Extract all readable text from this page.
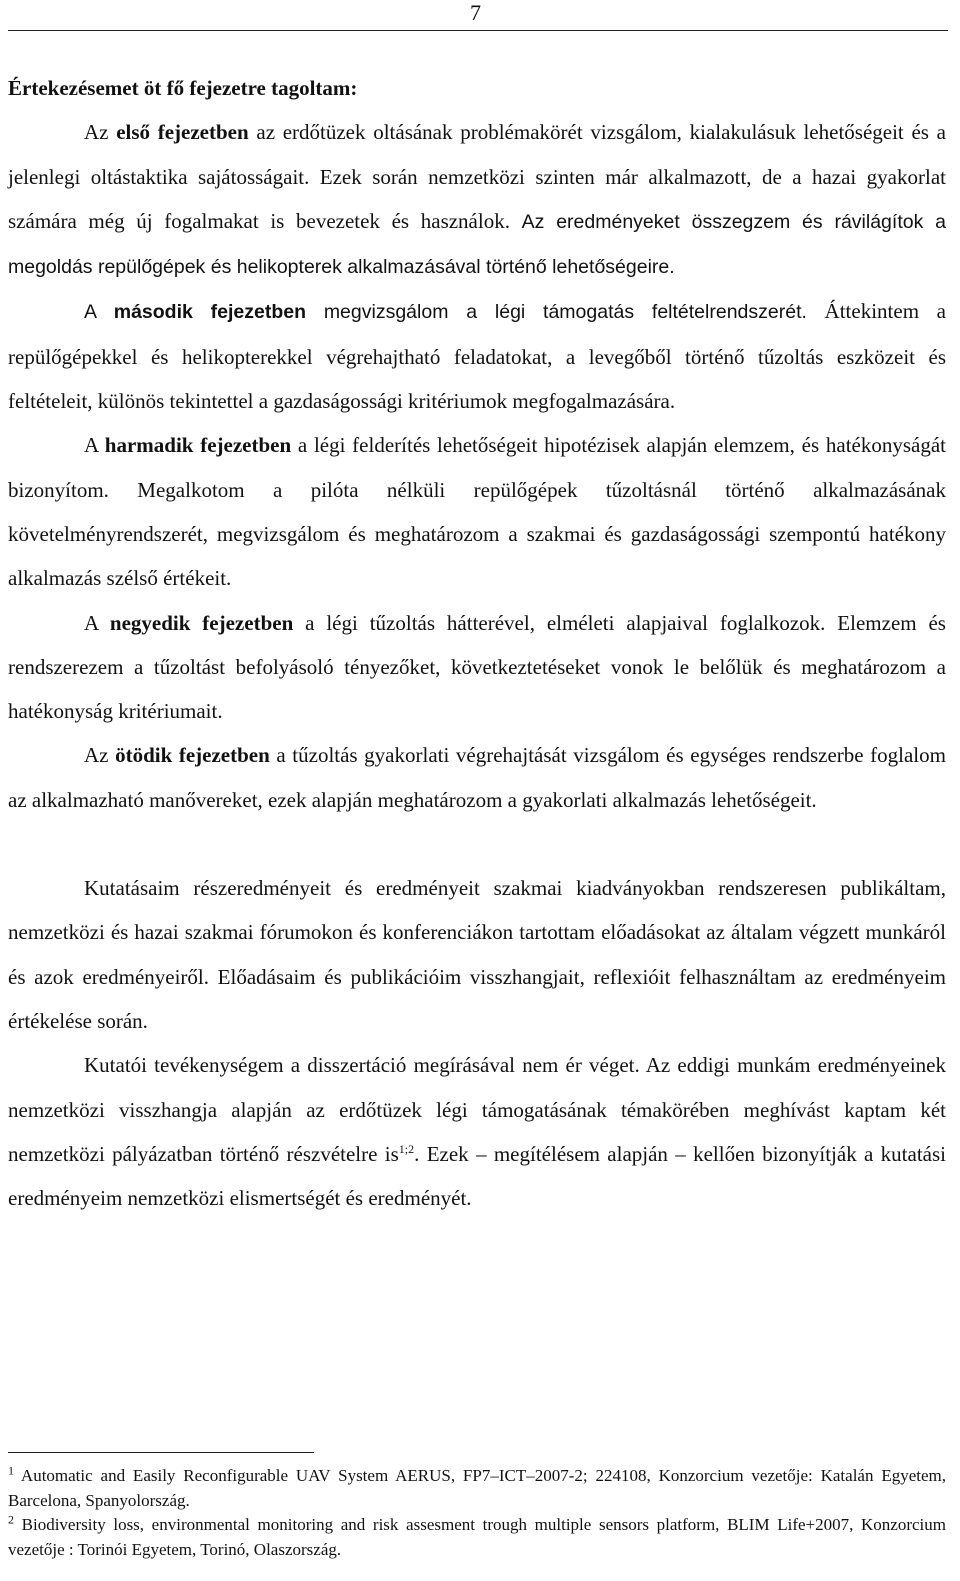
7

Értekezésemet öt fő fejezetre tagoltam:

Az első fejezetben az erdőtüzek oltásának problémakörét vizsgálom, kialakulásuk lehetőségeit és a jelenlegi oltástaktika sajátosságait. Ezek során nemzetközi szinten már alkalmazott, de a hazai gyakorlat számára még új fogalmakat is bevezetek és használok. Az eredményeket összegzem és rávilágítok a megoldás repülőgépek és helikopterek alkalmazásával történő lehetőségeire.

A második fejezetben megvizsgálom a légi támogatás feltételrendszerét. Áttekintem a repülőgépekkel és helikopterekkel végrehajtható feladatokat, a levegőből történő tűzoltás eszközeit és feltételeit, különös tekintettel a gazdaságossági kritériumok megfogalmazására.

A harmadik fejezetben a légi felderítés lehetőségeit hipotézisek alapján elemzem, és hatékonyságát bizonyítom. Megalkotom a pilóta nélküli repülőgépek tűzoltásnál történő alkalmazásának követelményrendszerét, megvizsgálom és meghatározom a szakmai és gazdaságossági szempontú hatékony alkalmazás szélső értékeit.

A negyedik fejezetben a légi tűzoltás hátterével, elméleti alapjaival foglalkozok. Elemzem és rendszerezem a tűzoltást befolyásoló tényezőket, következtetéseket vonok le belőlük és meghatározom a hatékonyság kritériumait.

Az ötödik fejezetben a tűzoltás gyakorlati végrehajtását vizsgálom és egységes rendszerbe foglalom az alkalmazható manővereket, ezek alapján meghatározom a gyakorlati alkalmazás lehetőségeit.

Kutatásaim részeredményeit és eredményeit szakmai kiadványokban rendszeresen publikáltam, nemzetközi és hazai szakmai fórumokon és konferenciákon tartottam előadásokat az általam végzett munkáról és azok eredményeiről. Előadásaim és publikációim visszhangjait, reflexióit felhasználtam az eredményeim értékelése során.

Kutatói tevékenységem a disszertáció megírásával nem ér véget. Az eddigi munkám eredményeinek nemzetközi visszhangja alapján az erdőtüzek légi támogatásának témakörében meghívást kaptam két nemzetközi pályázatban történő részvételre $is^{1;2}$. Ezek – megítélésem alapján – kellően bizonyítják a kutatási eredményeim nemzetközi elismertségét és eredményét.

$^1$ Automatic and Easily Reconfigurable UAV System AERUS, FP7–ICT–2007-2; 224108, Konzorcium vezetője: Katalán Egyetem, Barcelona, Spanyolország.

$^2$ Biodiversity loss, environmental monitoring and risk assesment trough multiple sensors platform, BLIM Life+2007, Konzorcium vezetője : Torinói Egyetem, Torinó, Olaszország.
